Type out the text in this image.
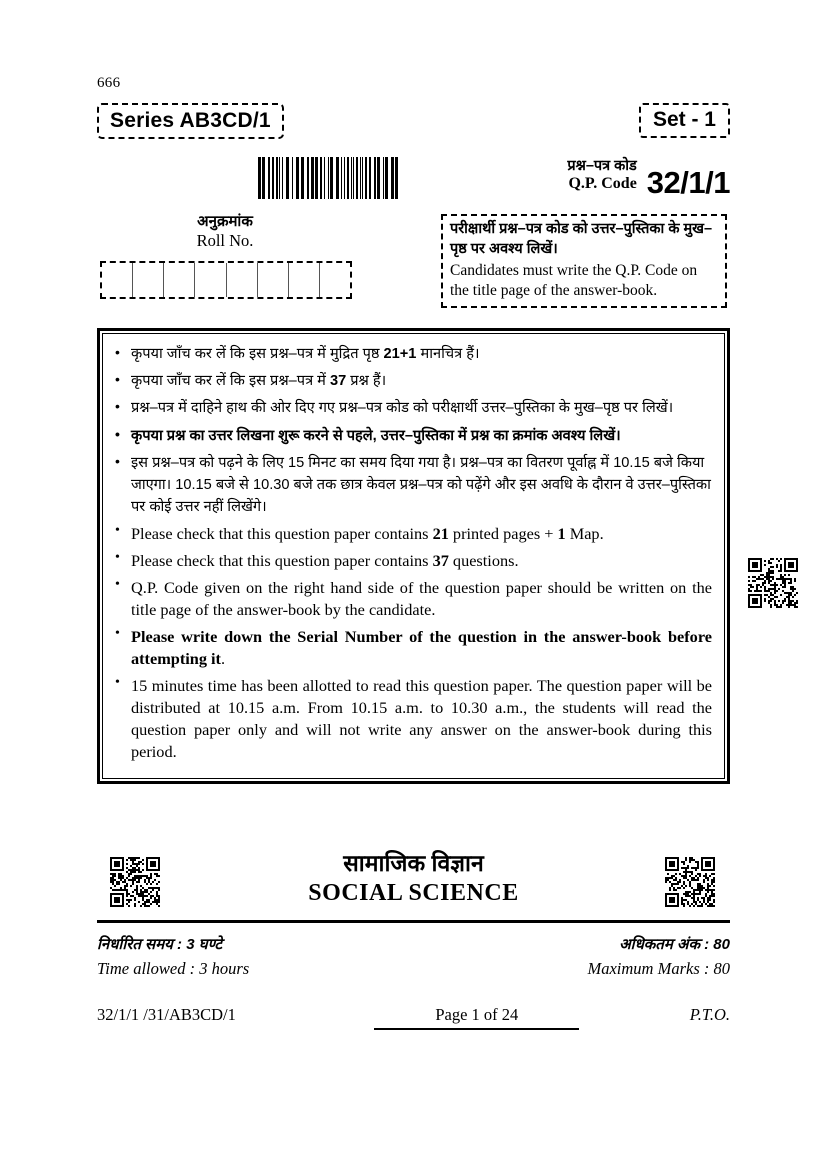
666
Series AB3CD/1	Set - 1
प्रश्न–पत्र कोड
Q.P. Code 32/1/1
अनुक्रमांक
Roll No.
परीक्षार्थी प्रश्न–पत्र कोड को उत्तर–पुस्तिका के मुख–पृष्ठ पर अवश्य लिखें।
Candidates must write the Q.P. Code on the title page of the answer-book.
• कृपया जाँच कर लें कि इस प्रश्न–पत्र में मुद्रित पृष्ठ 21+1 मानचित्र हैं।
• कृपया जाँच कर लें कि इस प्रश्न–पत्र में 37 प्रश्न हैं।
• प्रश्न–पत्र में दाहिने हाथ की ओर दिए गए प्रश्न–पत्र कोड को परीक्षार्थी उत्तर–पुस्तिका के मुख–पृष्ठ पर लिखें।
• कृपया प्रश्न का उत्तर लिखना शुरू करने से पहले, उत्तर–पुस्तिका में प्रश्न का क्रमांक अवश्य लिखें।
• इस प्रश्न–पत्र को पढ़ने के लिए 15 मिनट का समय दिया गया है। प्रश्न–पत्र का वितरण पूर्वाह्न में 10.15 बजे किया जाएगा। 10.15 बजे से 10.30 बजे तक छात्र केवल प्रश्न–पत्र को पढ़ेंगे और इस अवधि के दौरान वे उत्तर–पुस्तिका पर कोई उत्तर नहीं लिखेंगे।
• Please check that this question paper contains 21 printed pages + 1 Map.
• Please check that this question paper contains 37 questions.
• Q.P. Code given on the right hand side of the question paper should be written on the title page of the answer-book by the candidate.
• Please write down the Serial Number of the question in the answer-book before attempting it.
• 15 minutes time has been allotted to read this question paper. The question paper will be distributed at 10.15 a.m. From 10.15 a.m. to 10.30 a.m., the students will read the question paper only and will not write any answer on the answer-book during this period.
सामाजिक विज्ञान
SOCIAL SCIENCE
निर्धारित समय : 3 घण्टे	अधिकतम अंक : 80
Time allowed : 3 hours	Maximum Marks : 80
32/1/1 /31/AB3CD/1	Page 1 of 24	P.T.O.
